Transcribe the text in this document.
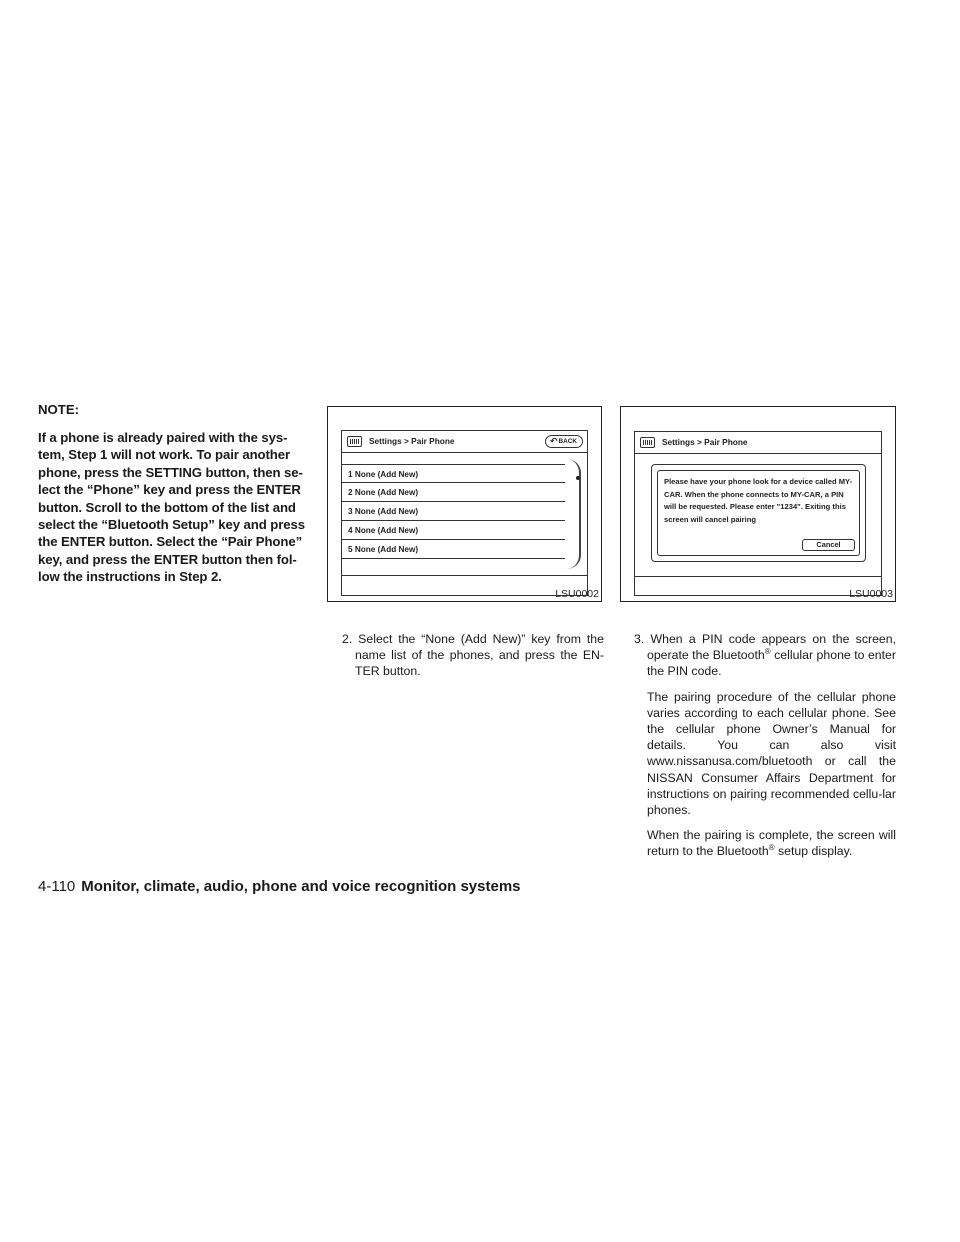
NOTE:

If a phone is already paired with the sys-tem, Step 1 will not work. To pair another phone, press the SETTING button, then se-lect the “Phone” key and press the ENTER button. Scroll to the bottom of the list and select the “Bluetooth Setup” key and press the ENTER button. Select the “Pair Phone” key, and press the ENTER button then fol-low the instructions in Step 2.

Settings > Pair Phone	↶ BACK
1 None (Add New)
2 None (Add New)
3 None (Add New)
4 None (Add New)
5 None (Add New)
LSU0002
Settings > Pair Phone
Please have your phone look for a device called MY-CAR. When the phone connects to MY-CAR, a PIN will be requested. Please enter "1234". Exiting this screen will cancel pairing
Cancel
LSU0003

2. Select the “None (Add New)” key from the name list of the phones, and press the EN-TER button.

3. When a PIN code appears on the screen, operate the Bluetooth® cellular phone to enter the PIN code.

The pairing procedure of the cellular phone varies according to each cellular phone. See the cellular phone Owner’s Manual for details. You can also visit www.nissanusa.com/bluetooth or call the NISSAN Consumer Affairs Department for instructions on pairing recommended cellu-lar phones.

When the pairing is complete, the screen will return to the Bluetooth® setup display.

4-110 Monitor, climate, audio, phone and voice recognition systems
